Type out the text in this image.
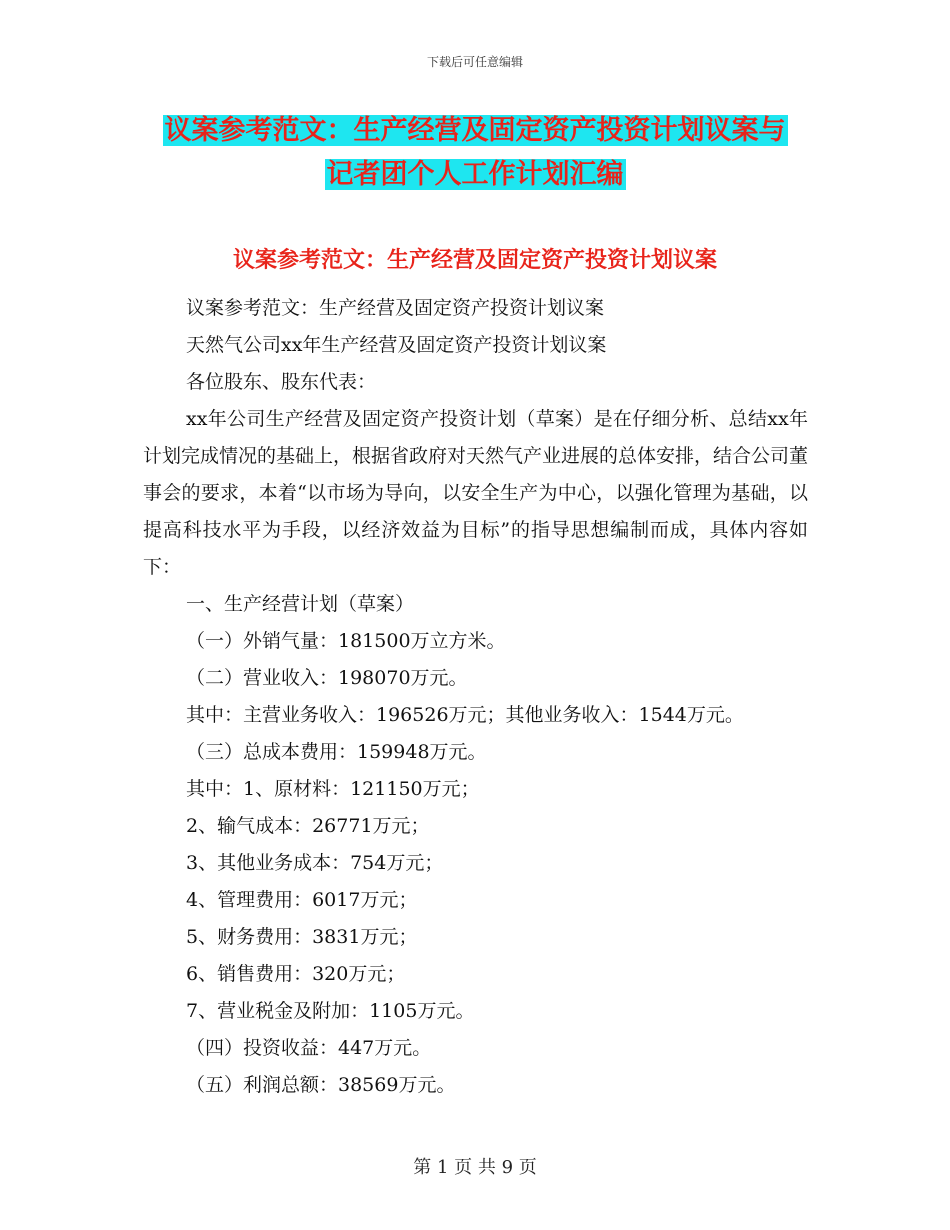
下载后可任意编辑
议案参考范文：生产经营及固定资产投资计划议案与
记者团个人工作计划汇编
议案参考范文：生产经营及固定资产投资计划议案
议案参考范文：生产经营及固定资产投资计划议案
天然气公司xx年生产经营及固定资产投资计划议案
各位股东、股东代表：
xx年公司生产经营及固定资产投资计划（草案）是在仔细分析、总结xx年计划完成情况的基础上，根据省政府对天然气产业进展的总体安排，结合公司董事会的要求，本着“以市场为导向，以安全生产为中心，以强化管理为基础，以提高科技水平为手段，以经济效益为目标”的指导思想编制而成，具体内容如下：
一、生产经营计划（草案）
（一）外销气量：181500万立方米。
（二）营业收入：198070万元。
其中：主营业务收入：196526万元；其他业务收入：1544万元。
（三）总成本费用：159948万元。
其中：1、原材料：121150万元；
2、输气成本：26771万元；
3、其他业务成本：754万元；
4、管理费用：6017万元；
5、财务费用：3831万元；
6、销售费用：320万元；
7、营业税金及附加：1105万元。
（四）投资收益：447万元。
（五）利润总额：38569万元。
第 1 页 共 9 页
